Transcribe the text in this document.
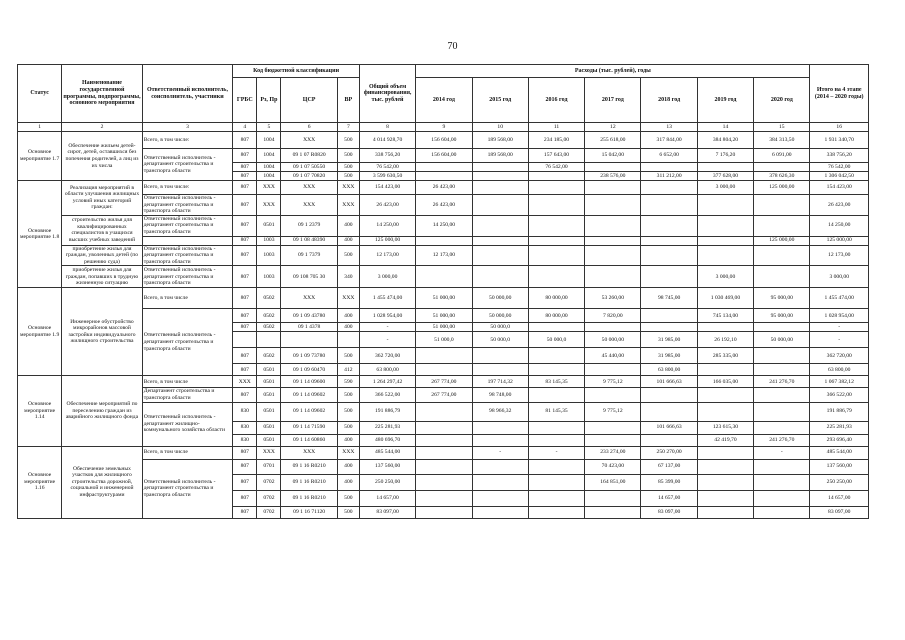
70
Статус	Наименование государственной программы, подпрограммы, основного мероприятия	Ответственный исполнитель, соисполнитель, участники	Код бюджетной классификации				Общий объем финансирования, тыс. рублей	Расходы (тыс. рублей), годы							Итого на 4 этапе (2014 – 2020 годы)
			ГРБС	Рз, Пр	ЦСР	ВР		2014 год	2015 год	2016 год	2017 год	2018 год	2019 год	2020 год	
1	2	3	4	5	6	7	8	9	10	11	12	13	14	15	16
Основное мероприятие 1.7	Обеспечение жильем детей-сирот, детей, оставшихся без попечения родителей, а лиц из их числа	Всего, в том числе:	807	1004	XXX	500	4 014 928,70	156 604,00	189 568,00	234 185,00	255 618,00	317 844,00	384 804,20	384 313,50	1 931 340,70
		Ответственный исполнитель - департамент строительства и транспорта области	807	1004	09 1 07 R0820	500	338 756,20	156 604,00	189 568,00	157 643,00	15 042,00	6 652,00	7 176,20	6 091,00	338 756,20
			807	1004	09 1 07 50550	500	76 542,00			76 542,00					76 542,00
			807	1004	09 1 07 70820	500	3 599 630,50				238 576,00	311 212,00	377 628,00	378 626,30	1 306 042,50
Основное мероприятие 1.8	Реализация мероприятий в области улучшения жилищных условий иных категорий граждан:	Всего, в том числе:	807	XXX	XXX	XXX	154 423,00	26 423,00					3 000,00	125 000,00	154 423,00
		Ответственный исполнитель - департамент строительства и транспорта области	807	XXX	XXX	XXX	26 423,00	26 423,00							26 423,00
	строительство жилья для квалифицированных специалистов в учащихся высших учебных заведений	Ответственный исполнитель - департамент строительства и транспорта области	807	0501	09 1 2379	400	14 250,00	14 250,00							14 250,00
			807	1003	09 1 08 48390	400	125 000,00							125 000,00	125 000,00
	приобретение жилья для граждан, уволенных детей (по решению суда)	Ответственный исполнитель - департамент строительства и транспорта области	807	1003	09 1 7379	500	12 173,00	12 173,00							12 173,00
	приобретение жилья для граждан, попавших в трудную жизненную ситуацию	Ответственный исполнитель - департамент строительства и транспорта области	807	1003	09 108 705 30	340	3 000,00						3 000,00		3 000,00
Основное мероприятие 1.9	Инженерное обустройство микрорайонов массовой застройки индивидуального жилищного строительства	Всего, в том числе	807	0502	XXX	XXX	1 455 474,00	51 000,00	50 000,00	80 000,00	53 260,00	98 745,00	1 030 469,00	95 000,00	1 455 474,00
		Ответственный исполнитель - департамент строительства и транспорта области	807	0502	09 1 09 43780	400	1 028 954,00	51 000,00	50 000,00	80 000,00	7 820,00		745 134,00	95 000,00	1 028 954,00
			807	0502	09 1 4378	400	-	51 000,00	50 000,0						-
							-	51 000,0	50 000,0	50 000,0	50 000,00	31 985,00	26 192,10	50 000,00	-
			807	0502	09 1 09 73780	500	362 720,00				45 440,00	31 985,00	285 335,00		362 720,00
			807	0501	09 1 09 60470	412	63 800,00					63 800,00			63 800,00
Основное мероприятие 1.14	Обеспечение мероприятий по переселению граждан из аварийного жилищного фонда	Всего, в том числе	XXX	0501	09 1 14 09600	590	1 264 297,42	267 774,00	197 714,32	83 145,35	9 775,12	101 666,63	166 035,00	241 276,70	1 067 382,12
		Департамент строительства и транспорта области	807	0501	09 1 14 09602	500	366 522,00	267 774,00	98 748,00						366 522,00
		Ответственный исполнитель - департамент жилищно-коммунального хозяйства области	830	0501	09 1 14 09602	500	191 886,79		98 966,32	81 145,35	9 775,12				191 886,79
			830	0501	09 1 14 71590	500	225 281,93					101 666,63	123 615,30		225 281,93
			830	0501	09 1 14 60860	400	480 696,70						42 419,70	241 276,70	293 696,40
Основное мероприятие 1.16	Обеспечение земельных участков для жилищного строительства дорожной, социальной и инженерной инфраструктурами	Всего, в том числе	807	XXX	XXX	XXX	485 544,00		-	-	233 274,00	250 270,00		-	485 544,00
		Ответственный исполнитель - департамент строительства и транспорта области	807	0701	09 1 16 R0210	400	137 560,00				70 423,00	67 137,00			137 560,00
			807	0702	09 1 16 R0210	400	250 250,00				164 851,00	85 399,00			250 250,00
			807	0702	09 1 16 R0210	500	14 657,00					14 657,00			14 657,00
			807	0702	09 1 16 71120	500	83 097,00					83 097,00			83 097,00
